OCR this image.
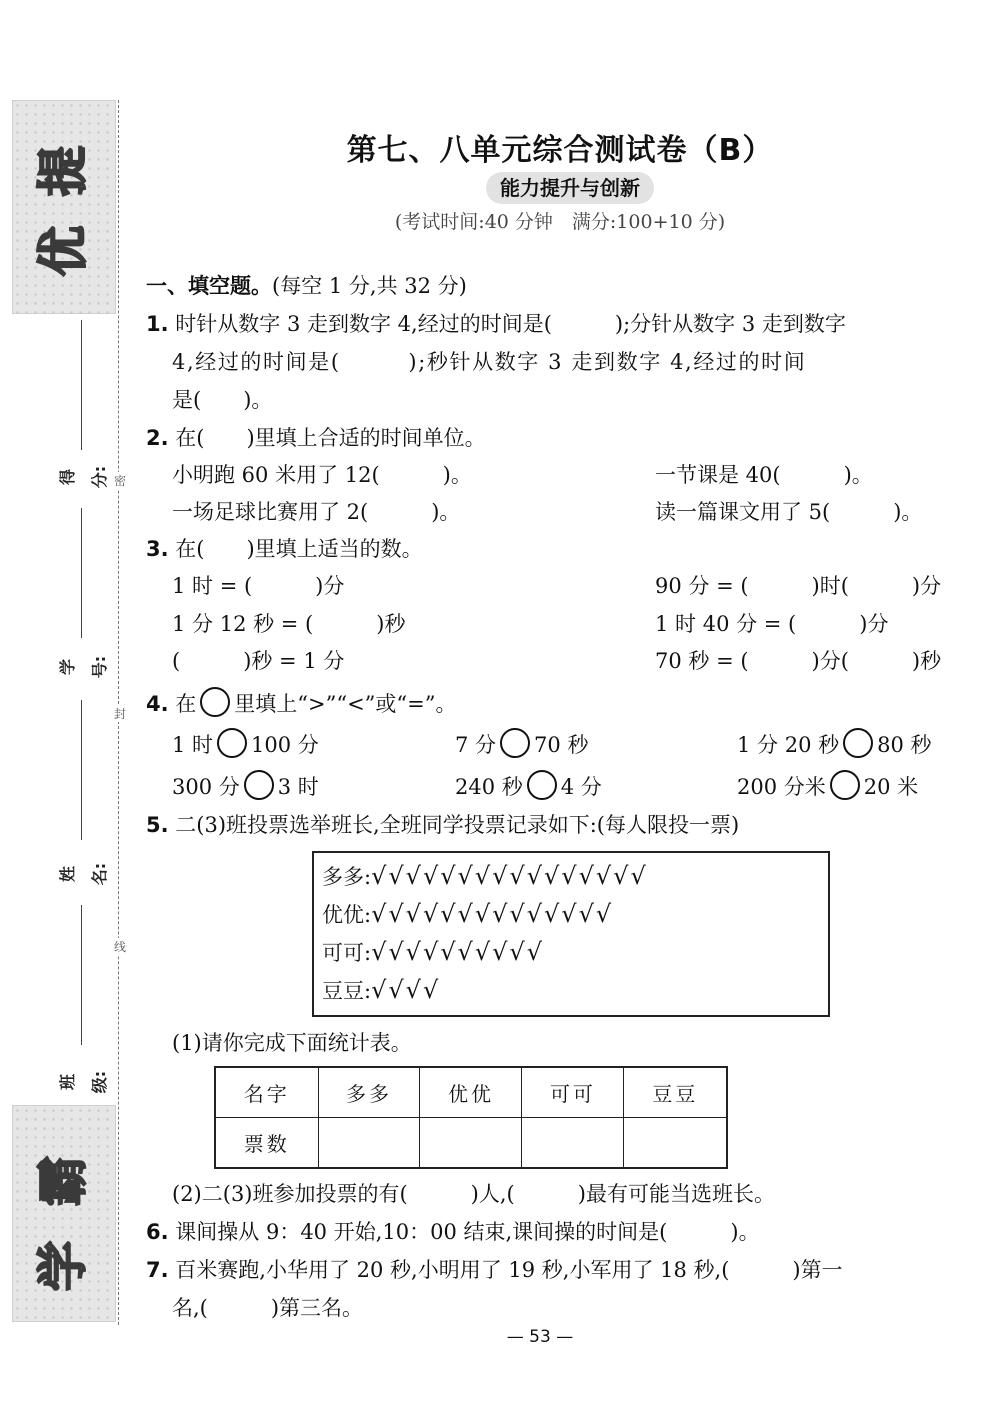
提
优
学
霸
得分:
学号:
姓名:
班级:
密
封
线
第七、八单元综合测试卷（B）
能力提升与创新
(考试时间:40 分钟　满分:100+10 分)
一、填空题。(每空 1 分,共 32 分)
1. 时针从数字 3 走到数字 4,经过的时间是(　　　);分针从数字 3 走到数字
4,经过的时间是(　　　);秒针从数字 3 走到数字 4,经过的时间
是(　　)。
2. 在(　　)里填上合适的时间单位。
小明跑 60 米用了 12(　　　)。	一节课是 40(　　　)。
一场足球比赛用了 2(　　　)。	读一篇课文用了 5(　　　)。
3. 在(　　)里填上适当的数。
1 时 = (　　　)分	90 分 = (　　　)时(　　　)分
1 分 12 秒 = (　　　)秒	1 时 40 分 = (　　　)分
(　　　)秒 = 1 分	70 秒 = (　　　)分(　　　)秒
4. 在 里填上“>”“<”或“=”。
1 时 100 分	7 分 70 秒	1 分 20 秒 80 秒
300 分 3 时	240 秒 4 分	200 分米 20 米
5. 二(3)班投票选举班长,全班同学投票记录如下:(每人限投一票)
多多:√√√√√√√√√√√√√√√√
优优:√√√√√√√√√√√√√√
可可:√√√√√√√√√√
豆豆:√√√√
(1)请你完成下面统计表。
名字	多多	优优	可可	豆豆
票数				
(2)二(3)班参加投票的有(　　　)人,(　　　)最有可能当选班长。
6. 课间操从 9：40 开始,10：00 结束,课间操的时间是(　　　)。
7. 百米赛跑,小华用了 20 秒,小明用了 19 秒,小军用了 18 秒,(　　　)第一
名,(　　　)第三名。
— 53 —
